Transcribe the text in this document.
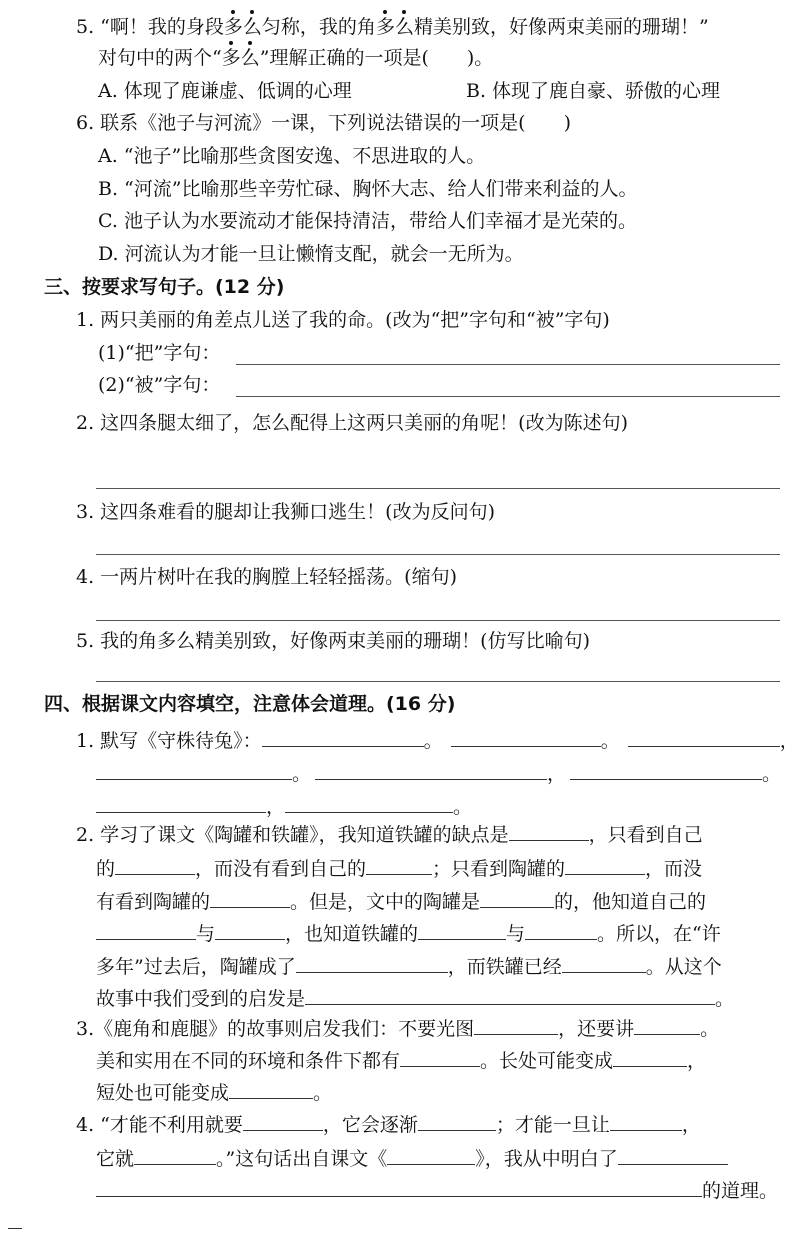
5. “啊！我的身段多么匀称，我的角多么精美别致，好像两束美丽的珊瑚！”
对句中的两个“多么”理解正确的一项是(　　)。
A. 体现了鹿谦虚、低调的心理	B. 体现了鹿自豪、骄傲的心理
6. 联系《池子与河流》一课，下列说法错误的一项是(　　)
A. “池子”比喻那些贪图安逸、不思进取的人。
B. “河流”比喻那些辛劳忙碌、胸怀大志、给人们带来利益的人。
C. 池子认为水要流动才能保持清洁，带给人们幸福才是光荣的。
D. 河流认为才能一旦让懒惰支配，就会一无所为。
三、按要求写句子。(12 分)
1. 两只美丽的角差点儿送了我的命。(改为“把”字句和“被”字句)
(1)“把”字句：
(2)“被”字句：
2. 这四条腿太细了，怎么配得上这两只美丽的角呢！(改为陈述句)
3. 这四条难看的腿却让我狮口逃生！(改为反问句)
4. 一两片树叶在我的胸膛上轻轻摇荡。(缩句)
5. 我的角多么精美别致，好像两束美丽的珊瑚！(仿写比喻句)
四、根据课文内容填空，注意体会道理。(16 分)
1. 默写《守株待兔》：	。	。	，
。	，	。
，	。
2. 学习了课文《陶罐和铁罐》，我知道铁罐的缺点是	，只看到自己
的	，而没有看到自己的	；只看到陶罐的	，而没
有看到陶罐的	。但是，文中的陶罐是	的，他知道自己的
与	，也知道铁罐的	与	。所以，在“许
多年”过去后，陶罐成了	，而铁罐已经	。从这个
故事中我们受到的启发是	。
3.《鹿角和鹿腿》的故事则启发我们：不要光图	，还要讲	。
美和实用在不同的环境和条件下都有	。长处可能变成	，
短处也可能变成	。
4. “才能不利用就要	，它会逐渐	；才能一旦让	，
它就	。”这句话出自课文《	》，我从中明白了
的道理。
